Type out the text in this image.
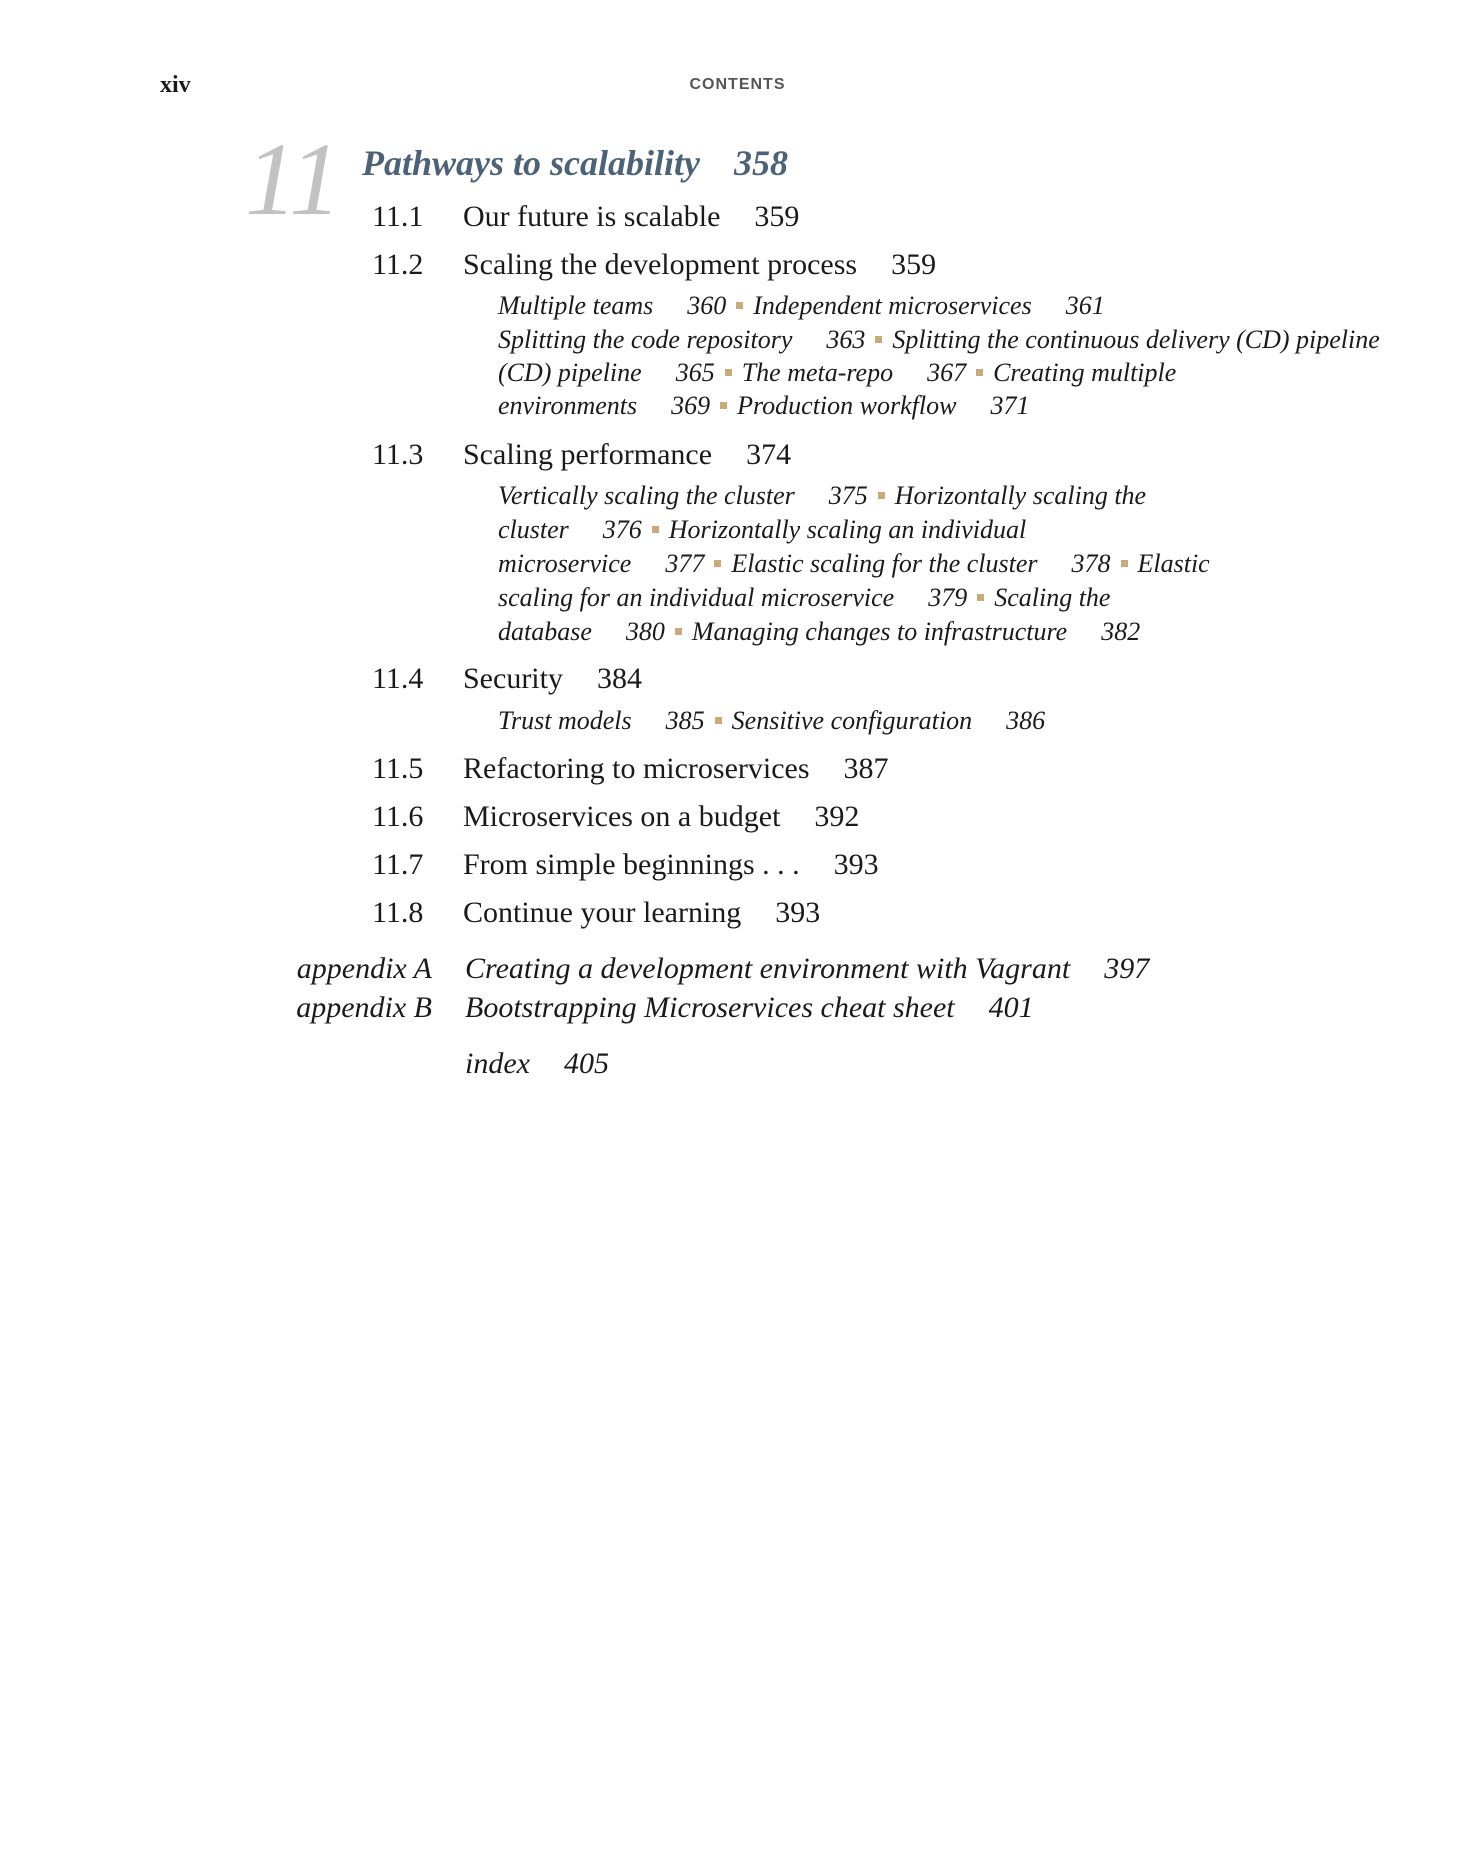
xiv	CONTENTS
11 Pathways to scalability 358
11.1 Our future is scalable 359
11.2 Scaling the development process 359
Multiple teams 360 Independent microservices 361
Splitting the code repository 363 Splitting the continuous delivery (CD) pipeline
(CD) pipeline 365 The meta-repo 367 Creating multiple
environments 369 Production workflow 371
11.3 Scaling performance 374
Vertically scaling the cluster 375 Horizontally scaling the
cluster 376 Horizontally scaling an individual
microservice 377 Elastic scaling for the cluster 378 Elastic
scaling for an individual microservice 379 Scaling the
database 380 Managing changes to infrastructure 382
11.4 Security 384
Trust models 385 Sensitive configuration 386
11.5 Refactoring to microservices 387
11.6 Microservices on a budget 392
11.7 From simple beginnings . . . 393
11.8 Continue your learning 393
appendix A Creating a development environment with Vagrant 397
appendix B Bootstrapping Microservices cheat sheet 401
index 405
